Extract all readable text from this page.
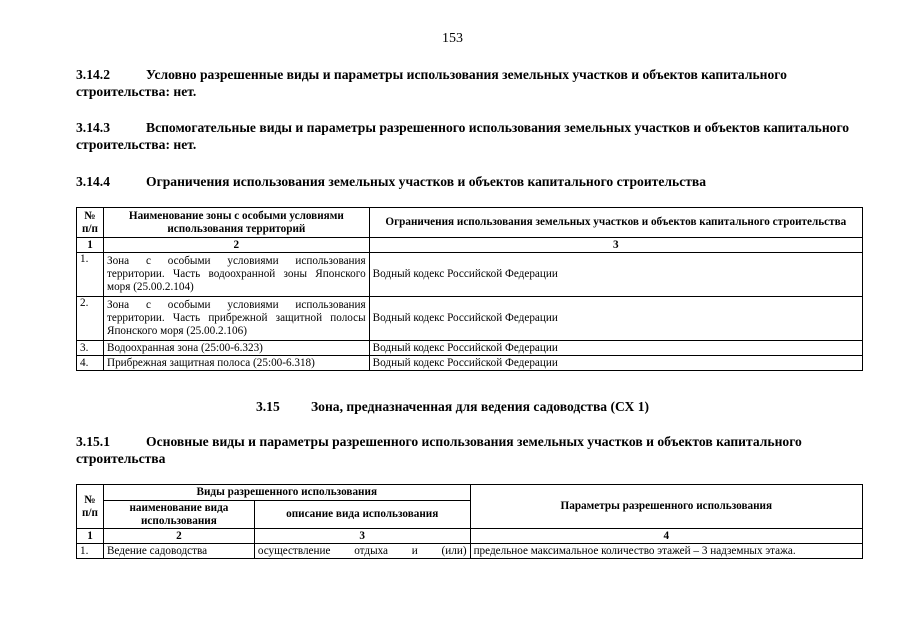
153
3.14.2	Условно разрешенные виды и параметры использования земельных участков и объектов капитального строительства: нет.
3.14.3	Вспомогательные виды и параметры разрешенного использования земельных участков и объектов капитального строительства: нет.
3.14.4	Ограничения использования земельных участков и объектов капитального строительства
№ п/п	Наименование зоны с особыми условиями использования территорий	Ограничения использования земельных участков и объектов капитального строительства
1	2	3
1.	Зона с особыми условиями использования территории. Часть водоохранной зоны Японского моря (25.00.2.104)	Водный кодекс Российской Федерации
2.	Зона с особыми условиями использования территории. Часть прибрежной защитной полосы Японского моря (25.00.2.106)	Водный кодекс Российской Федерации
3.	Водоохранная зона (25:00-6.323)	Водный кодекс Российской Федерации
4.	Прибрежная защитная полоса (25:00-6.318)	Водный кодекс Российской Федерации
3.15 Зона, предназначенная для ведения садоводства (СХ 1)
3.15.1	Основные виды и параметры разрешенного использования земельных участков и объектов капитального строительства
№ п/п	Виды разрешенного использования		Параметры разрешенного использования
	наименование вида использования	описание вида использования	
1	2	3	4
1.	Ведение садоводства	осуществление отдыха и (или)	предельное максимальное количество этажей – 3 надземных этажа.
